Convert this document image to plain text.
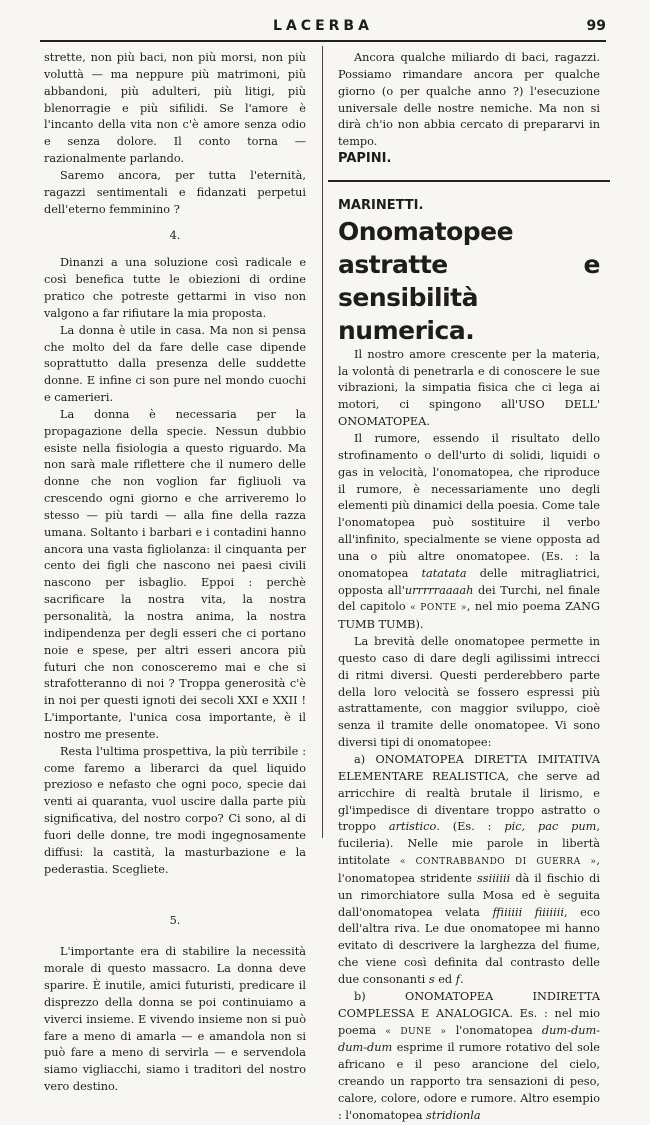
LACERBA	99

strette, non più baci, non più morsi, non più voluttà — ma neppure più matrimoni, più abbandoni, più adulteri, più litigi, più blenorragie e più sifilidi. Se l'amore è l'incanto della vita non c'è amore senza odio e senza dolore. Il conto torna — razionalmente parlando.

Saremo ancora, per tutta l'eternità, ragazzi sentimentali e fidanzati perpetui dell'eterno femminino ?

4.

Dinanzi a una soluzione così radicale e così benefica tutte le obiezioni di ordine pratico che potreste gettarmi in viso non valgono a far rifiutare la mia proposta.

La donna è utile in casa. Ma non si pensa che molto del da fare delle case dipende soprattutto dalla presenza delle suddette donne. E infine ci son pure nel mondo cuochi e camerieri.

La donna è necessaria per la propagazione della specie. Nessun dubbio esiste nella fisiologia a questo riguardo. Ma non sarà male riflettere che il numero delle donne che non voglion far figliuoli va crescendo ogni giorno e che arriveremo lo stesso — più tardi — alla fine della razza umana. Soltanto i barbari e i contadini hanno ancora una vasta figliolanza: il cinquanta per cento dei figli che nascono nei paesi civili nascono per isbaglio. Eppoi : perchè sacrificare la nostra vita, la nostra personalità, la nostra anima, la nostra indipendenza per degli esseri che ci portano noie e spese, per altri esseri ancora più futuri che non conosceremo mai e che si strafotteranno di noi ? Troppa generosità c'è in noi per questi ignoti dei secoli XXI e XXII ! L'importante, l'unica cosa importante, è il nostro me presente.

Resta l'ultima prospettiva, la più terribile : come faremo a liberarci da quel liquido prezioso e nefasto che ogni poco, specie dai venti ai quaranta, vuol uscire dalla parte più significativa, del nostro corpo? Ci sono, al di fuori delle donne, tre modi ingegnosamente diffusi: la castità, la masturbazione e la pederastia. Scegliete.

5.

L'importante era di stabilire la necessità morale di questo massacro. La donna deve sparire. È inutile, amici futuristi, predicare il disprezzo della donna se poi continuiamo a viverci insieme. E vivendo insieme non si può fare a meno di amarla — e amandola non si può fare a meno di servirla — e servendola siamo vigliacchi, siamo i traditori del nostro vero destino.

Ancora qualche miliardo di baci, ragazzi. Possiamo rimandare ancora per qualche giorno (o per qualche anno ?) l'esecuzione universale delle nostre nemiche. Ma non si dirà ch'io non abbia cercato di prepararvi in tempo.

PAPINI.

MARINETTI.

Onomatopee astratte e sensibilità numerica.

Il nostro amore crescente per la materia, la volontà di penetrarla e di conoscere le sue vibrazioni, la simpatia fisica che ci lega ai motori, ci spingono all'USO DELL' ONOMATOPEA.

Il rumore, essendo il risultato dello strofinamento o dell'urto di solidi, liquidi o gas in velocità, l'onomatopea, che riproduce il rumore, è necessariamente uno degli elementi più dinamici della poesia. Come tale l'onomatopea può sostituire il verbo all'infinito, specialmente se viene opposta ad una o più altre onomatopee. (Es. : la onomatopea tatatata delle mitragliatrici, opposta all'urrrrraaaah dei Turchi, nel finale del capitolo « PONTE », nel mio poema ZANG TUMB TUMB).

La brevità delle onomatopee permette in questo caso di dare degli agilissimi intrecci di ritmi diversi. Questi perderebbero parte della loro velocità se fossero espressi più astrattamente, con maggior sviluppo, cioè senza il tramite delle onomatopee. Vi sono diversi tipi di onomatopee:

a) ONOMATOPEA DIRETTA IMITATIVA ELEMENTARE REALISTICA, che serve ad arricchire di realtà brutale il lirismo, e gl'impedisce di diventare troppo astratto o troppo artistico. (Es. : pic, pac pum, fucileria). Nelle mie parole in libertà intitolate « CONTRABBANDO DI GUERRA », l'onomatopea stridente ssiiiiii dà il fischio di un rimorchiatore sulla Mosa ed è seguita dall'onomatopea velata ffiiiiii fiiiiiii, eco dell'altra riva. Le due onomatopee mi hanno evitato di descrivere la larghezza del fiume, che viene così definita dal contrasto delle due consonanti s ed f.

b) ONOMATOPEA INDIRETTA COMPLESSA E ANALOGICA. Es. : nel mio poema « DUNE » l'onomatopea dum-dum-dum-dum esprime il rumore rotativo del sole africano e il peso arancione del cielo, creando un rapporto tra sensazioni di peso, calore, colore, odore e rumore. Altro esempio : l'onomatopea stridionla
